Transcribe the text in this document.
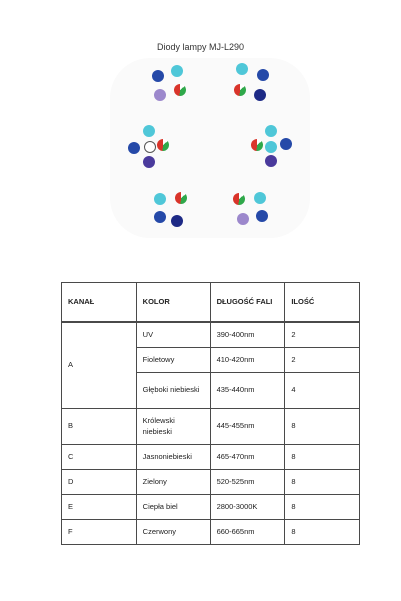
Diody lampy MJ-L290
KANAŁ	KOLOR	DŁUGOŚĆ FALI	ILOŚĆ
A	UV	390-400nm	2
	Fioletowy	410-420nm	2
	Głęboki niebieski	435-440nm	4
B	Królewski niebieski	445-455nm	8
C	Jasnoniebieski	465-470nm	8
D	Zielony	520-525nm	8
E	Ciepła biel	2800-3000K	8
F	Czerwony	660-665nm	8
